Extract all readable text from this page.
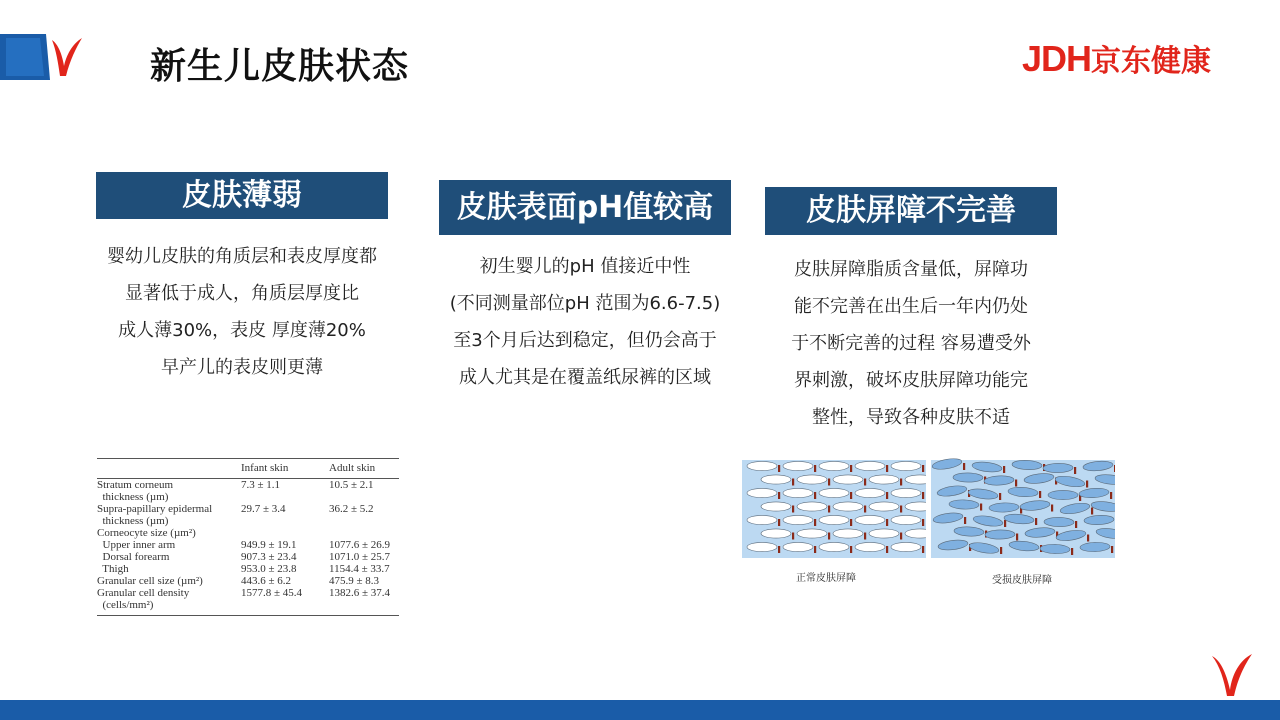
新生儿皮肤状态	JDH京东健康
皮肤薄弱
婴幼儿皮肤的角质层和表皮厚度都
显著低于成人，角质层厚度比
成人薄30%，表皮 厚度薄20%
早产儿的表皮则更薄
皮肤表面pH值较高
初生婴儿的pH 值接近中性
(不同测量部位pH 范围为6.6-7.5)
至3个月后达到稳定，但仍会高于
成人尤其是在覆盖纸尿裤的区域
皮肤屏障不完善
皮肤屏障脂质含量低，屏障功
能不完善在出生后一年内仍处
于不断完善的过程 容易遭受外
界刺激，破坏皮肤屏障功能完
整性，导致各种皮肤不适
	Infant skin	Adult skin
Stratum corneum	7.3 ± 1.1	10.5 ± 2.1
thickness (µm)		
Supra-papillary epidermal	29.7 ± 3.4	36.2 ± 5.2
thickness (µm)		
Corneocyte size (µm²)		
Upper inner arm	949.9 ± 19.1	1077.6 ± 26.9
Dorsal forearm	907.3 ± 23.4	1071.0 ± 25.7
Thigh	953.0 ± 23.8	1154.4 ± 33.7
Granular cell size (µm²)	443.6 ± 6.2	475.9 ± 8.3
Granular cell density	1577.8 ± 45.4	1382.6 ± 37.4
(cells/mm²)		
正常皮肤屏障	受损皮肤屏障
